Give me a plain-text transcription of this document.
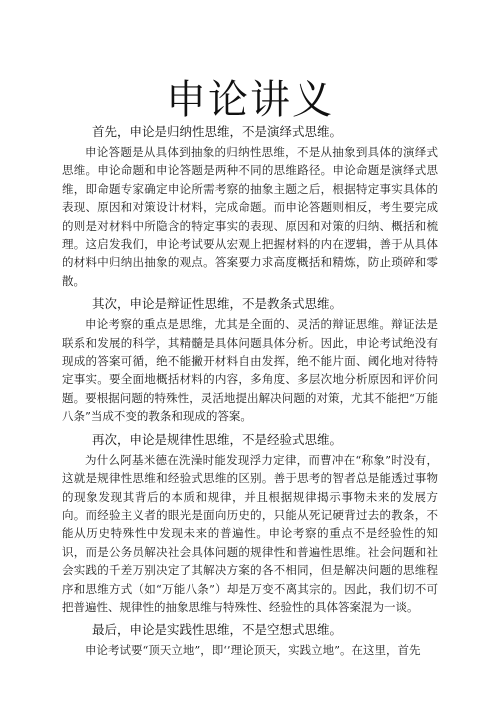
申论讲义
首先，申论是归纳性思维，不是演绎式思维。

申论答题是从具体到抽象的归纳性思维，不是从抽象到具体的演绎式思维。申论命题和申论答题是两种不同的思维路径。申论命题是演绎式思维，即命题专家确定申论所需考察的抽象主题之后，根据特定事实具体的表现、原因和对策设计材料，完成命题。而申论答题则相反，考生要完成的则是对材料中所隐含的特定事实的表现、原因和对策的归纳、概括和梳理。这启发我们，申论考试要从宏观上把握材料的内在逻辑，善于从具体的材料中归纳出抽象的观点。答案要力求高度概括和精炼，防止琐碎和零散。

其次，申论是辩证性思维，不是教条式思维。

申论考察的重点是思维，尤其是全面的、灵活的辩证思维。辩证法是联系和发展的科学，其精髓是具体问题具体分析。因此，申论考试绝没有现成的答案可循，绝不能撇开材料自由发挥，绝不能片面、阈化地对待特定事实。要全面地概括材料的内容，多角度、多层次地分析原因和评价问题。要根据问题的特殊性，灵活地提出解决问题的对策，尤其不能把“万能八条”当成不变的教条和现成的答案。

再次，申论是规律性思维，不是经验式思维。

为什么阿基米德在洗澡时能发现浮力定律，而曹冲在“称象”时没有，这就是规律性思维和经验式思维的区别。善于思考的智者总是能透过事物的现象发现其背后的本质和规律，并且根据规律揭示事物未来的发展方向。而经验主义者的眼光是面向历史的，只能从死记硬背过去的教条，不能从历史特殊性中发现未来的普遍性。申论考察的重点不是经验性的知识，而是公务员解决社会具体问题的规律性和普遍性思维。社会问题和社会实践的千差万别决定了其解决方案的各不相同，但是解决问题的思维程序和思维方式（如“万能八条”）却是万变不离其宗的。因此，我们切不可把普遍性、规律性的抽象思维与特殊性、经验性的具体答案混为一谈。

最后，申论是实践性思维，不是空想式思维。

申论考试要“顶天立地”，即‘’理论顶天，实践立地”。在这里，首先
